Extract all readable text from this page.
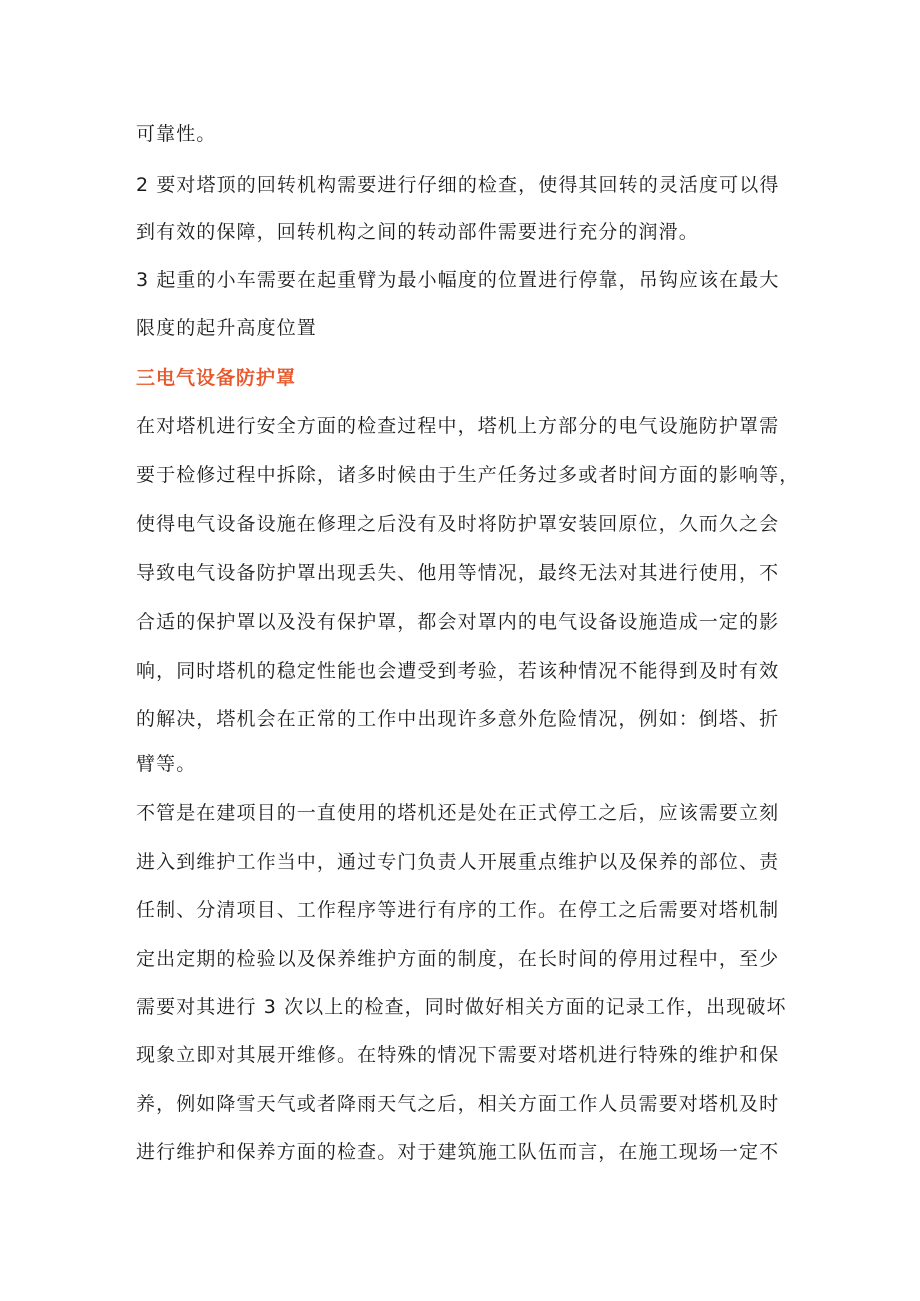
可靠性。
2 要对塔顶的回转机构需要进行仔细的检查，使得其回转的灵活度可以得
到有效的保障，回转机构之间的转动部件需要进行充分的润滑。
3 起重的小车需要在起重臂为最小幅度的位置进行停靠，吊钩应该在最大
限度的起升高度位置
三电气设备防护罩
在对塔机进行安全方面的检查过程中，塔机上方部分的电气设施防护罩需
要于检修过程中拆除，诸多时候由于生产任务过多或者时间方面的影响等，
使得电气设备设施在修理之后没有及时将防护罩安装回原位，久而久之会
导致电气设备防护罩出现丢失、他用等情况，最终无法对其进行使用，不
合适的保护罩以及没有保护罩，都会对罩内的电气设备设施造成一定的影
响，同时塔机的稳定性能也会遭受到考验，若该种情况不能得到及时有效
的解决，塔机会在正常的工作中出现许多意外危险情况，例如：倒塔、折
臂等。
不管是在建项目的一直使用的塔机还是处在正式停工之后，应该需要立刻
进入到维护工作当中，通过专门负责人开展重点维护以及保养的部位、责
任制、分清项目、工作程序等进行有序的工作。在停工之后需要对塔机制
定出定期的检验以及保养维护方面的制度，在长时间的停用过程中，至少
需要对其进行 3 次以上的检查，同时做好相关方面的记录工作，出现破坏
现象立即对其展开维修。在特殊的情况下需要对塔机进行特殊的维护和保
养，例如降雪天气或者降雨天气之后，相关方面工作人员需要对塔机及时
进行维护和保养方面的检查。对于建筑施工队伍而言，在施工现场一定不
